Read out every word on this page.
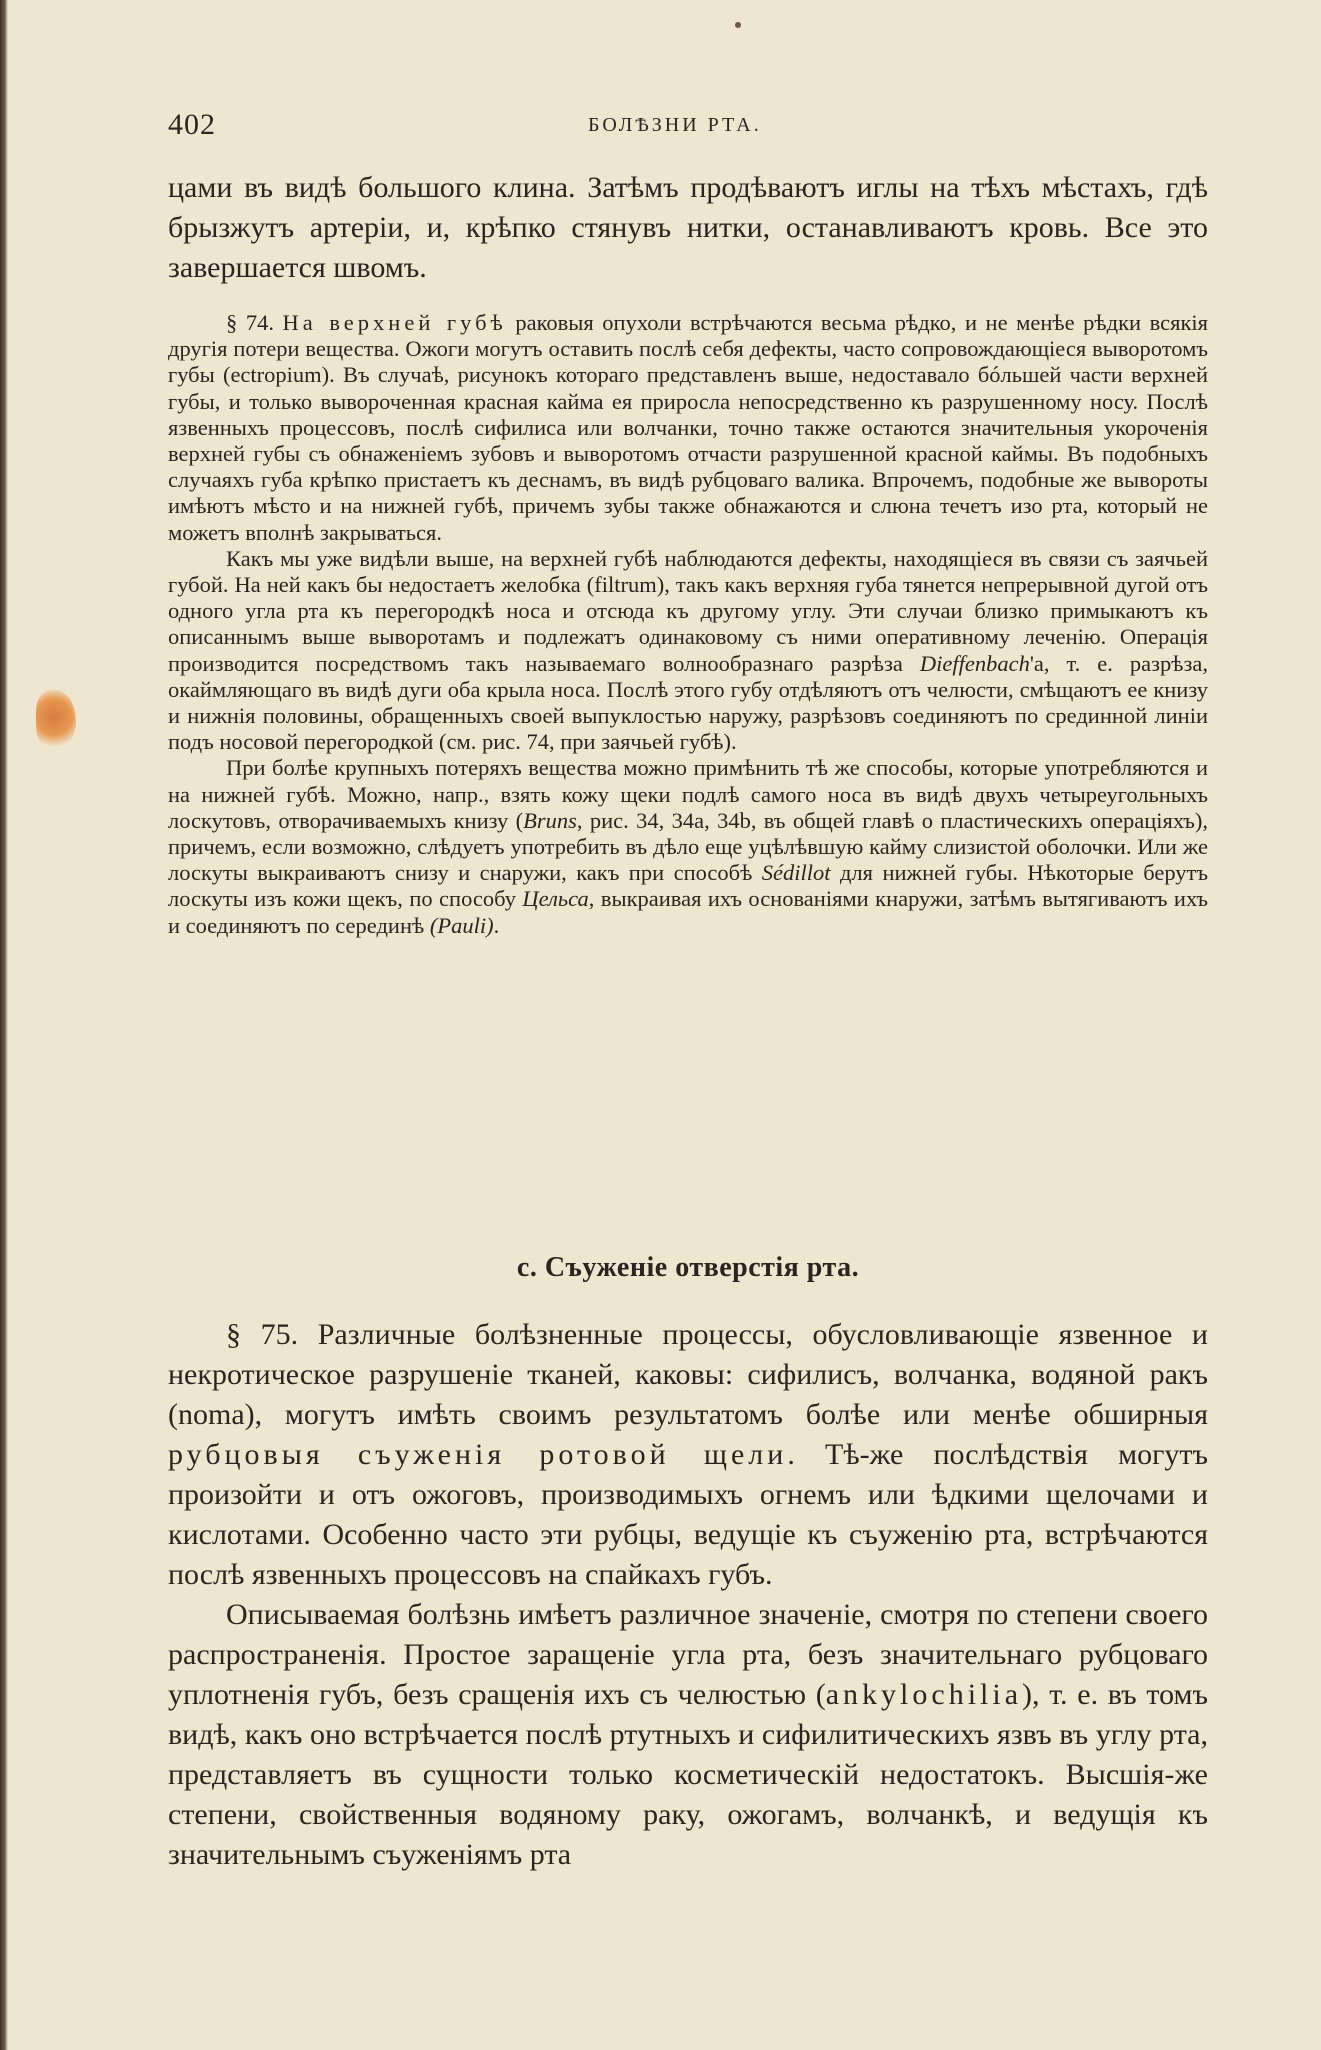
402	БОЛѢЗНИ РТА.

цами въ видѣ большого клина. Затѣмъ продѣваютъ иглы на тѣхъ мѣстахъ, гдѣ брызжутъ артеріи, и, крѣпко стянувъ нитки, останавливаютъ кровь. Все это завершается швомъ.

§ 74. На верхней губѣ раковыя опухоли встрѣчаются весьма рѣдко, и не менѣе рѣдки всякія другія потери вещества. Ожоги могутъ оставить послѣ себя дефекты, часто сопровождающіеся выворотомъ губы (ectropium). Въ случаѣ, рисунокъ котораго представленъ выше, недоставало бóльшей части верхней губы, и только вывороченная красная кайма ея приросла непосредственно къ разрушенному носу. Послѣ язвенныхъ процессовъ, послѣ сифилиса или волчанки, точно также остаются значительныя укороченія верхней губы съ обнаженіемъ зубовъ и выворотомъ отчасти разрушенной красной каймы. Въ подобныхъ случаяхъ губа крѣпко пристаетъ къ деснамъ, въ видѣ рубцоваго валика. Впрочемъ, подобные же вывороты имѣютъ мѣсто и на нижней губѣ, причемъ зубы также обнажаются и слюна течетъ изо рта, который не можетъ вполнѣ закрываться.

Какъ мы уже видѣли выше, на верхней губѣ наблюдаются дефекты, находящіеся въ связи съ заячьей губой. На ней какъ бы недостаетъ желобка (filtrum), такъ какъ верхняя губа тянется непрерывной дугой отъ одного угла рта къ перегородкѣ носа и отсюда къ другому углу. Эти случаи близко примыкаютъ къ описаннымъ выше выворотамъ и подлежатъ одинаковому съ ними оперативному леченію. Операція производится посредствомъ такъ называемаго волнообразнаго разрѣза Dieffenbach'а, т. е. разрѣза, окаймляющаго въ видѣ дуги оба крыла носа. Послѣ этого губу отдѣляютъ отъ челюсти, смѣщаютъ ее книзу и нижнія половины, обращенныхъ своей выпуклостью наружу, разрѣзовъ соединяютъ по срединной линіи подъ носовой перегородкой (см. рис. 74, при заячьей губѣ).

При болѣе крупныхъ потеряхъ вещества можно примѣнить тѣ же способы, которые употребляются и на нижней губѣ. Можно, напр., взять кожу щеки подлѣ самого носа въ видѣ двухъ четыреугольныхъ лоскутовъ, отворачиваемыхъ книзу (Bruns, рис. 34, 34a, 34b, въ общей главѣ о пластическихъ операціяхъ), причемъ, если возможно, слѣдуетъ употребить въ дѣло еще уцѣлѣвшую кайму слизистой оболочки. Или же лоскуты выкраиваютъ снизу и снаружи, какъ при способѣ Sédillot для нижней губы. Нѣкоторые берутъ лоскуты изъ кожи щекъ, по способу Цельса, выкраивая ихъ основаніями кнаружи, затѣмъ вытягиваютъ ихъ и соединяютъ по серединѣ (Pauli).

c. Съуженіе отверстія рта.

§ 75. Различные болѣзненные процессы, обусловливающіе язвенное и некротическое разрушеніе тканей, каковы: сифилисъ, волчанка, водяной ракъ (noma), могутъ имѣть своимъ результатомъ болѣе или менѣе обширныя рубцовыя съуженія ротовой щели. Тѣ-же послѣдствія могутъ произойти и отъ ожоговъ, производимыхъ огнемъ или ѣдкими щелочами и кислотами. Особенно часто эти рубцы, ведущіе къ съуженію рта, встрѣчаются послѣ язвенныхъ процессовъ на спайкахъ губъ.

Описываемая болѣзнь имѣетъ различное значеніе, смотря по степени своего распространенія. Простое заращеніе угла рта, безъ значительнаго рубцоваго уплотненія губъ, безъ сращенія ихъ съ челюстью (ankylochilia), т. е. въ томъ видѣ, какъ оно встрѣчается послѣ ртутныхъ и сифилитическихъ язвъ въ углу рта, представляетъ въ сущности только косметическій недостатокъ. Высшія-же степени, свойственныя водяному раку, ожогамъ, волчанкѣ, и ведущія къ значительнымъ съуженіямъ рта
